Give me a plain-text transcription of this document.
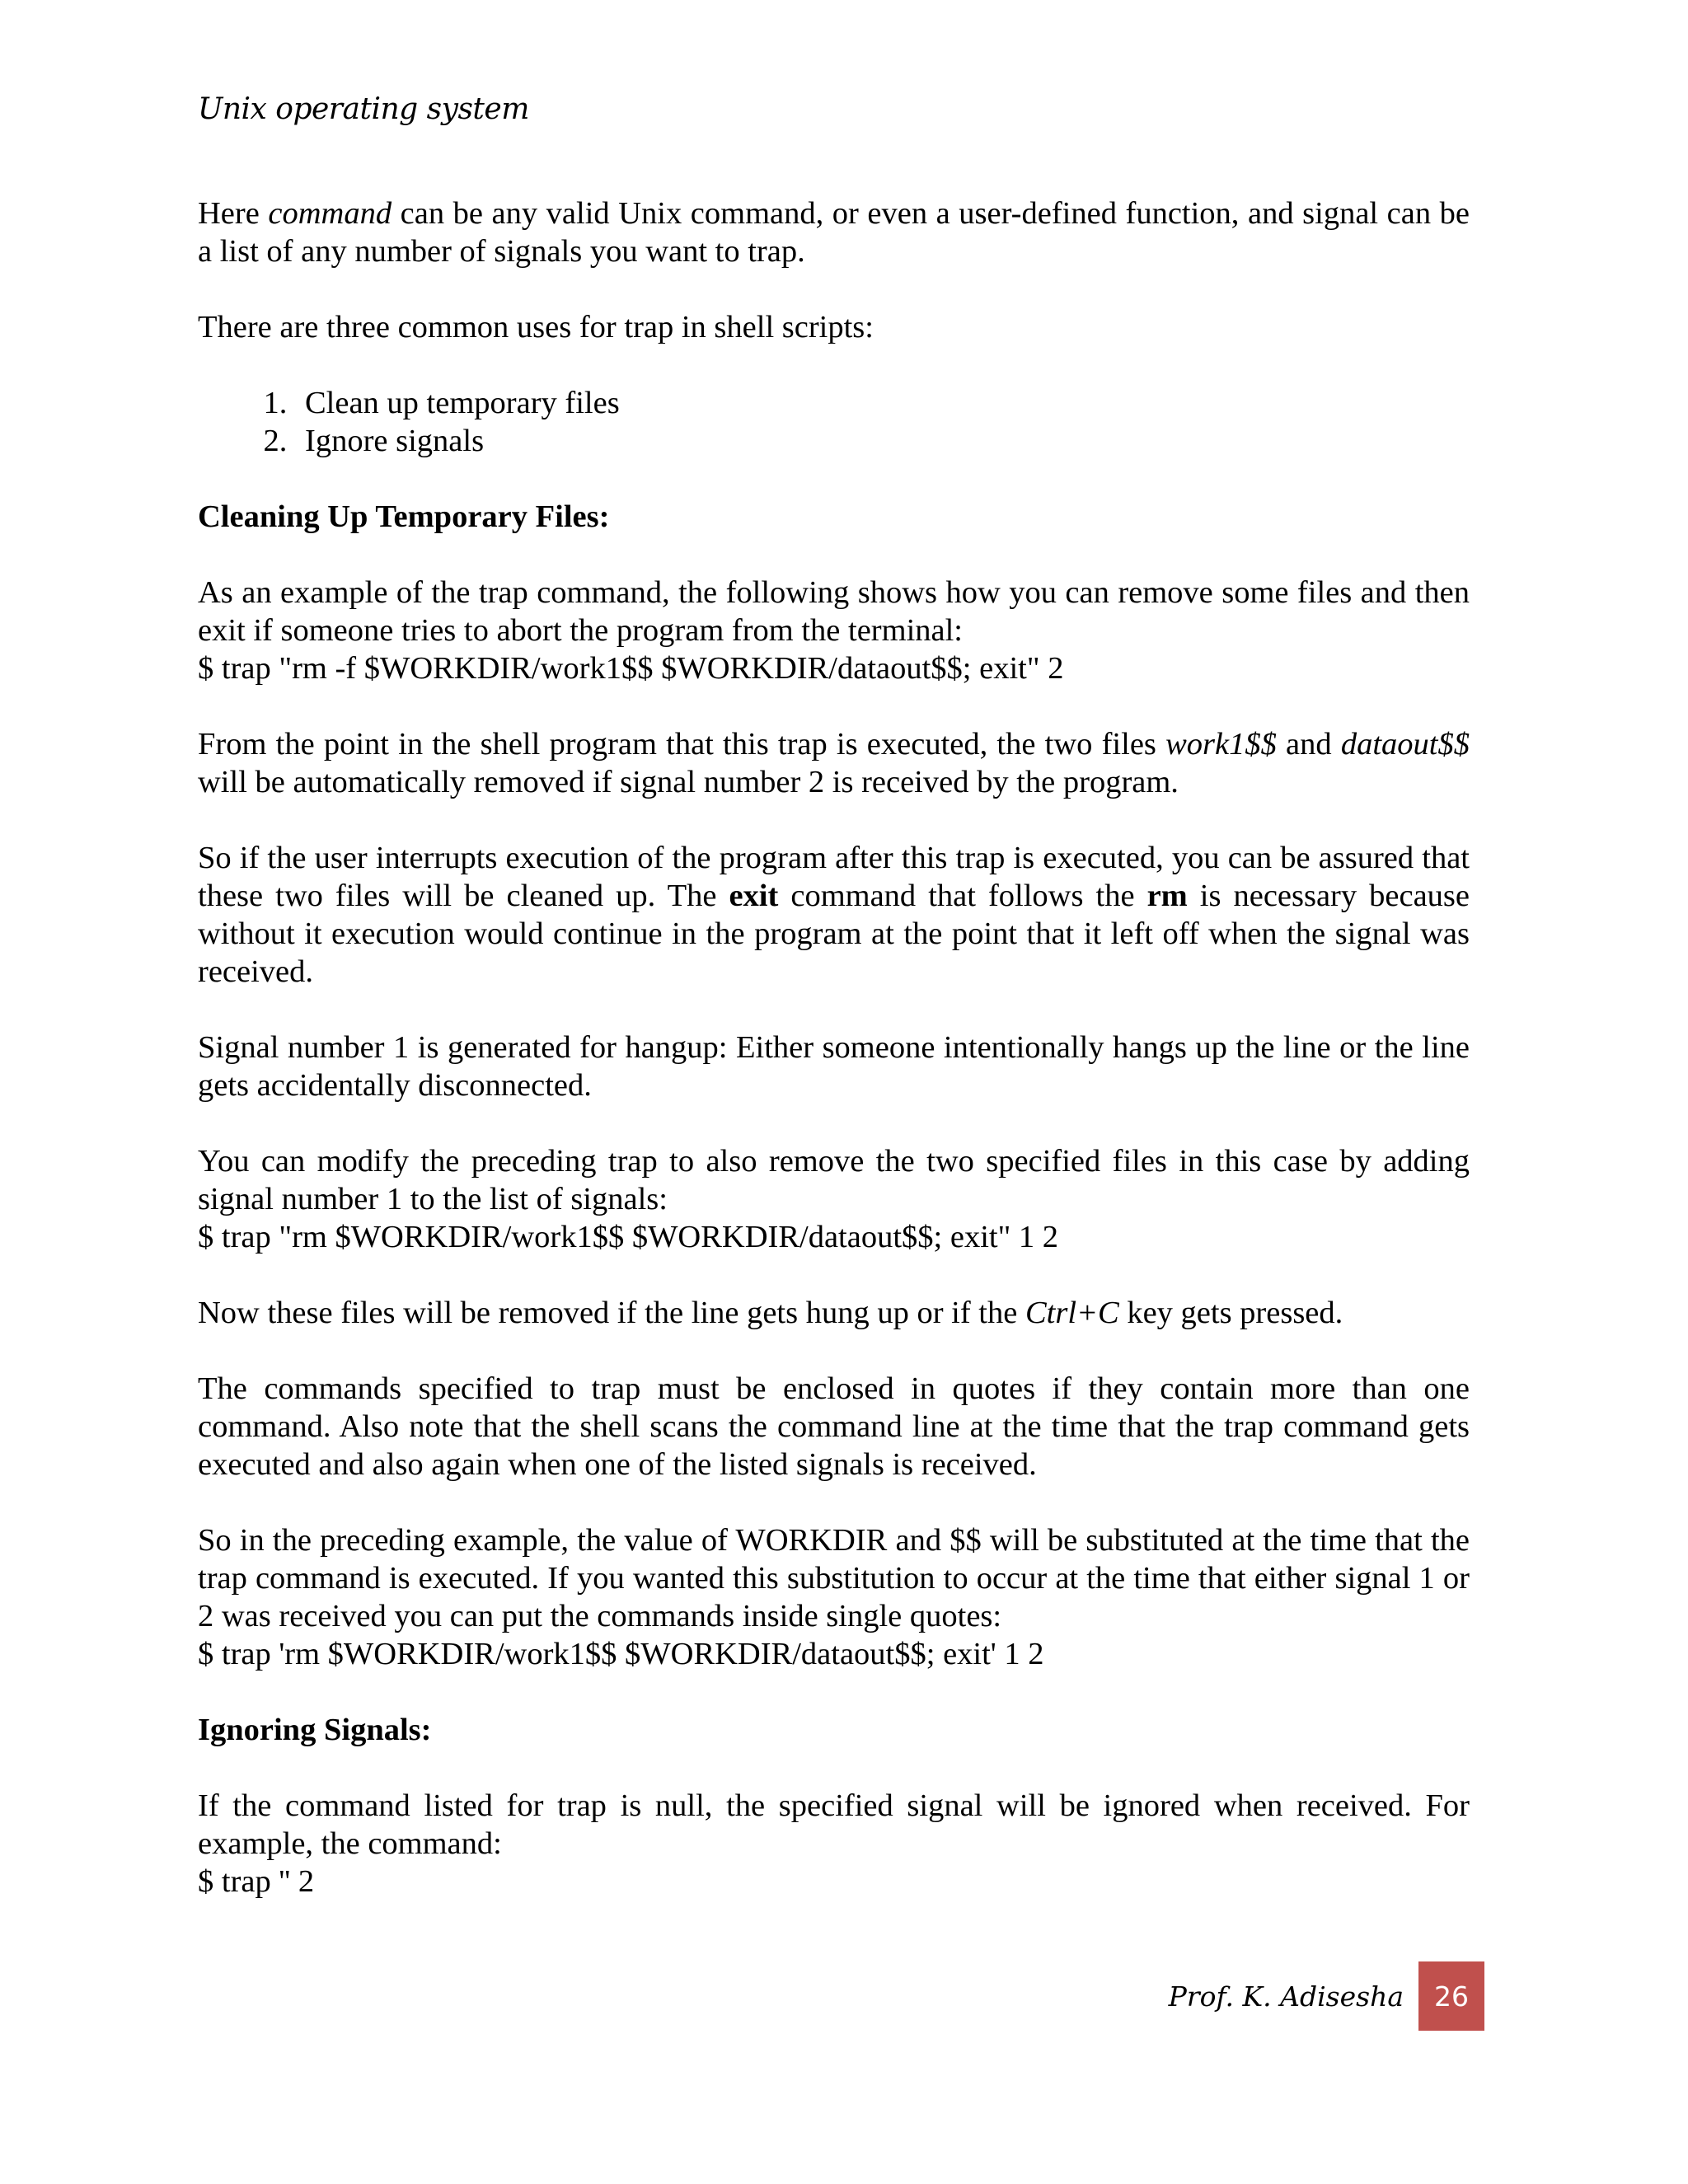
Unix operating system

Here command can be any valid Unix command, or even a user-defined function, and signal can be a list of any number of signals you want to trap.

There are three common uses for trap in shell scripts:

1. Clean up temporary files
2. Ignore signals

Cleaning Up Temporary Files:

As an example of the trap command, the following shows how you can remove some files and then exit if someone tries to abort the program from the terminal:
$ trap "rm -f $WORKDIR/work1$$ $WORKDIR/dataout$$; exit" 2

From the point in the shell program that this trap is executed, the two files work1$$ and dataout$$ will be automatically removed if signal number 2 is received by the program.

So if the user interrupts execution of the program after this trap is executed, you can be assured that these two files will be cleaned up. The exit command that follows the rm is necessary because without it execution would continue in the program at the point that it left off when the signal was received.

Signal number 1 is generated for hangup: Either someone intentionally hangs up the line or the line gets accidentally disconnected.

You can modify the preceding trap to also remove the two specified files in this case by adding signal number 1 to the list of signals:
$ trap "rm $WORKDIR/work1$$ $WORKDIR/dataout$$; exit" 1 2

Now these files will be removed if the line gets hung up or if the Ctrl+C key gets pressed.

The commands specified to trap must be enclosed in quotes if they contain more than one command. Also note that the shell scans the command line at the time that the trap command gets executed and also again when one of the listed signals is received.

So in the preceding example, the value of WORKDIR and $$ will be substituted at the time that the trap command is executed. If you wanted this substitution to occur at the time that either signal 1 or 2 was received you can put the commands inside single quotes:
$ trap 'rm $WORKDIR/work1$$ $WORKDIR/dataout$$; exit' 1 2

Ignoring Signals:

If the command listed for trap is null, the specified signal will be ignored when received. For example, the command:
$ trap '' 2
Prof. K. Adisesha	26
